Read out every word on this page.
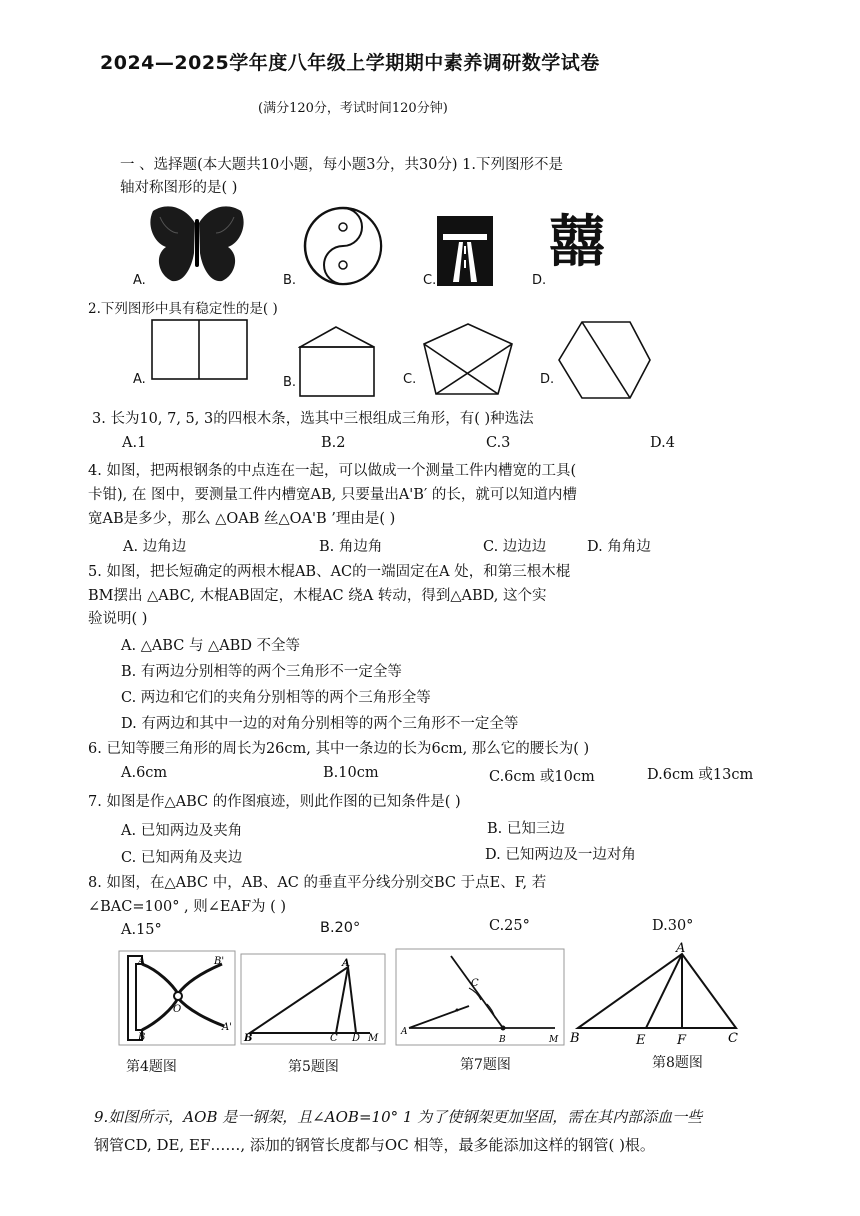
2024—2025学年度八年级上学期期中素养调研数学试卷
(满分120分，考试时间120分钟)
一 、选择题(本大题共10小题，每小题3分，共30分) 1.下列图形不是
轴对称图形的是( )
A.	B.	C.	D.
囍
2.下列图形中具有稳定性的是( )
A.	B.	C.	D.
3. 长为10, 7, 5, 3的四根木条，选其中三根组成三角形，有( )种选法
A.1	B.2	C.3	D.4
4. 如图，把两根钢条的中点连在一起，可以做成一个测量工件内槽宽的工具(
卡钳), 在 图中，要测量工件内槽宽AB, 只要量出A'B′ 的长，就可以知道内槽
宽AB是多少，那么 △OAB 丝△OA'B ’理由是( )
A. 边角边	B. 角边角	C. 边边边	D. 角角边
5. 如图，把长短确定的两根木棍AB、AC的一端固定在A 处，和第三根木棍
BM摆出 △ABC, 木棍AB固定，木棍AC 绕A 转动，得到△ABD, 这个实
验说明( )
A. △ABC 与 △ABD 不全等
B. 有两边分别相等的两个三角形不一定全等
C. 两边和它们的夹角分别相等的两个三角形全等
D. 有两边和其中一边的对角分别相等的两个三角形不一定全等
6. 已知等腰三角形的周长为26cm, 其中一条边的长为6cm, 那么它的腰长为( )
A.6cm	B.10cm	C.6cm 或10cm	D.6cm 或13cm
7. 如图是作△ABC 的作图痕迹，则此作图的已知条件是( )
A. 已知两边及夹角	B. 已知三边
C. 已知两角及夹边	D. 已知两边及一边对角
8. 如图，在△ABC 中，AB、AC 的垂直平分线分别交BC 于点E、F, 若
∠BAC=100° , 则∠EAF为 ( )
A.15°	B.20°	C.25°	D.30°
A
B
O
B'
A'
A
B	C D M
A
B
C
M
A
B	E F	C
第4题图	第5题图	第7题图	第8题图
9.如图所示，AOB 是一钢架，且∠AOB=10° 1 为了使钢架更加坚固，需在其内部添血一些
钢管CD, DE, EF……, 添加的钢管长度都与OC 相等，最多能添加这样的钢管( )根。
